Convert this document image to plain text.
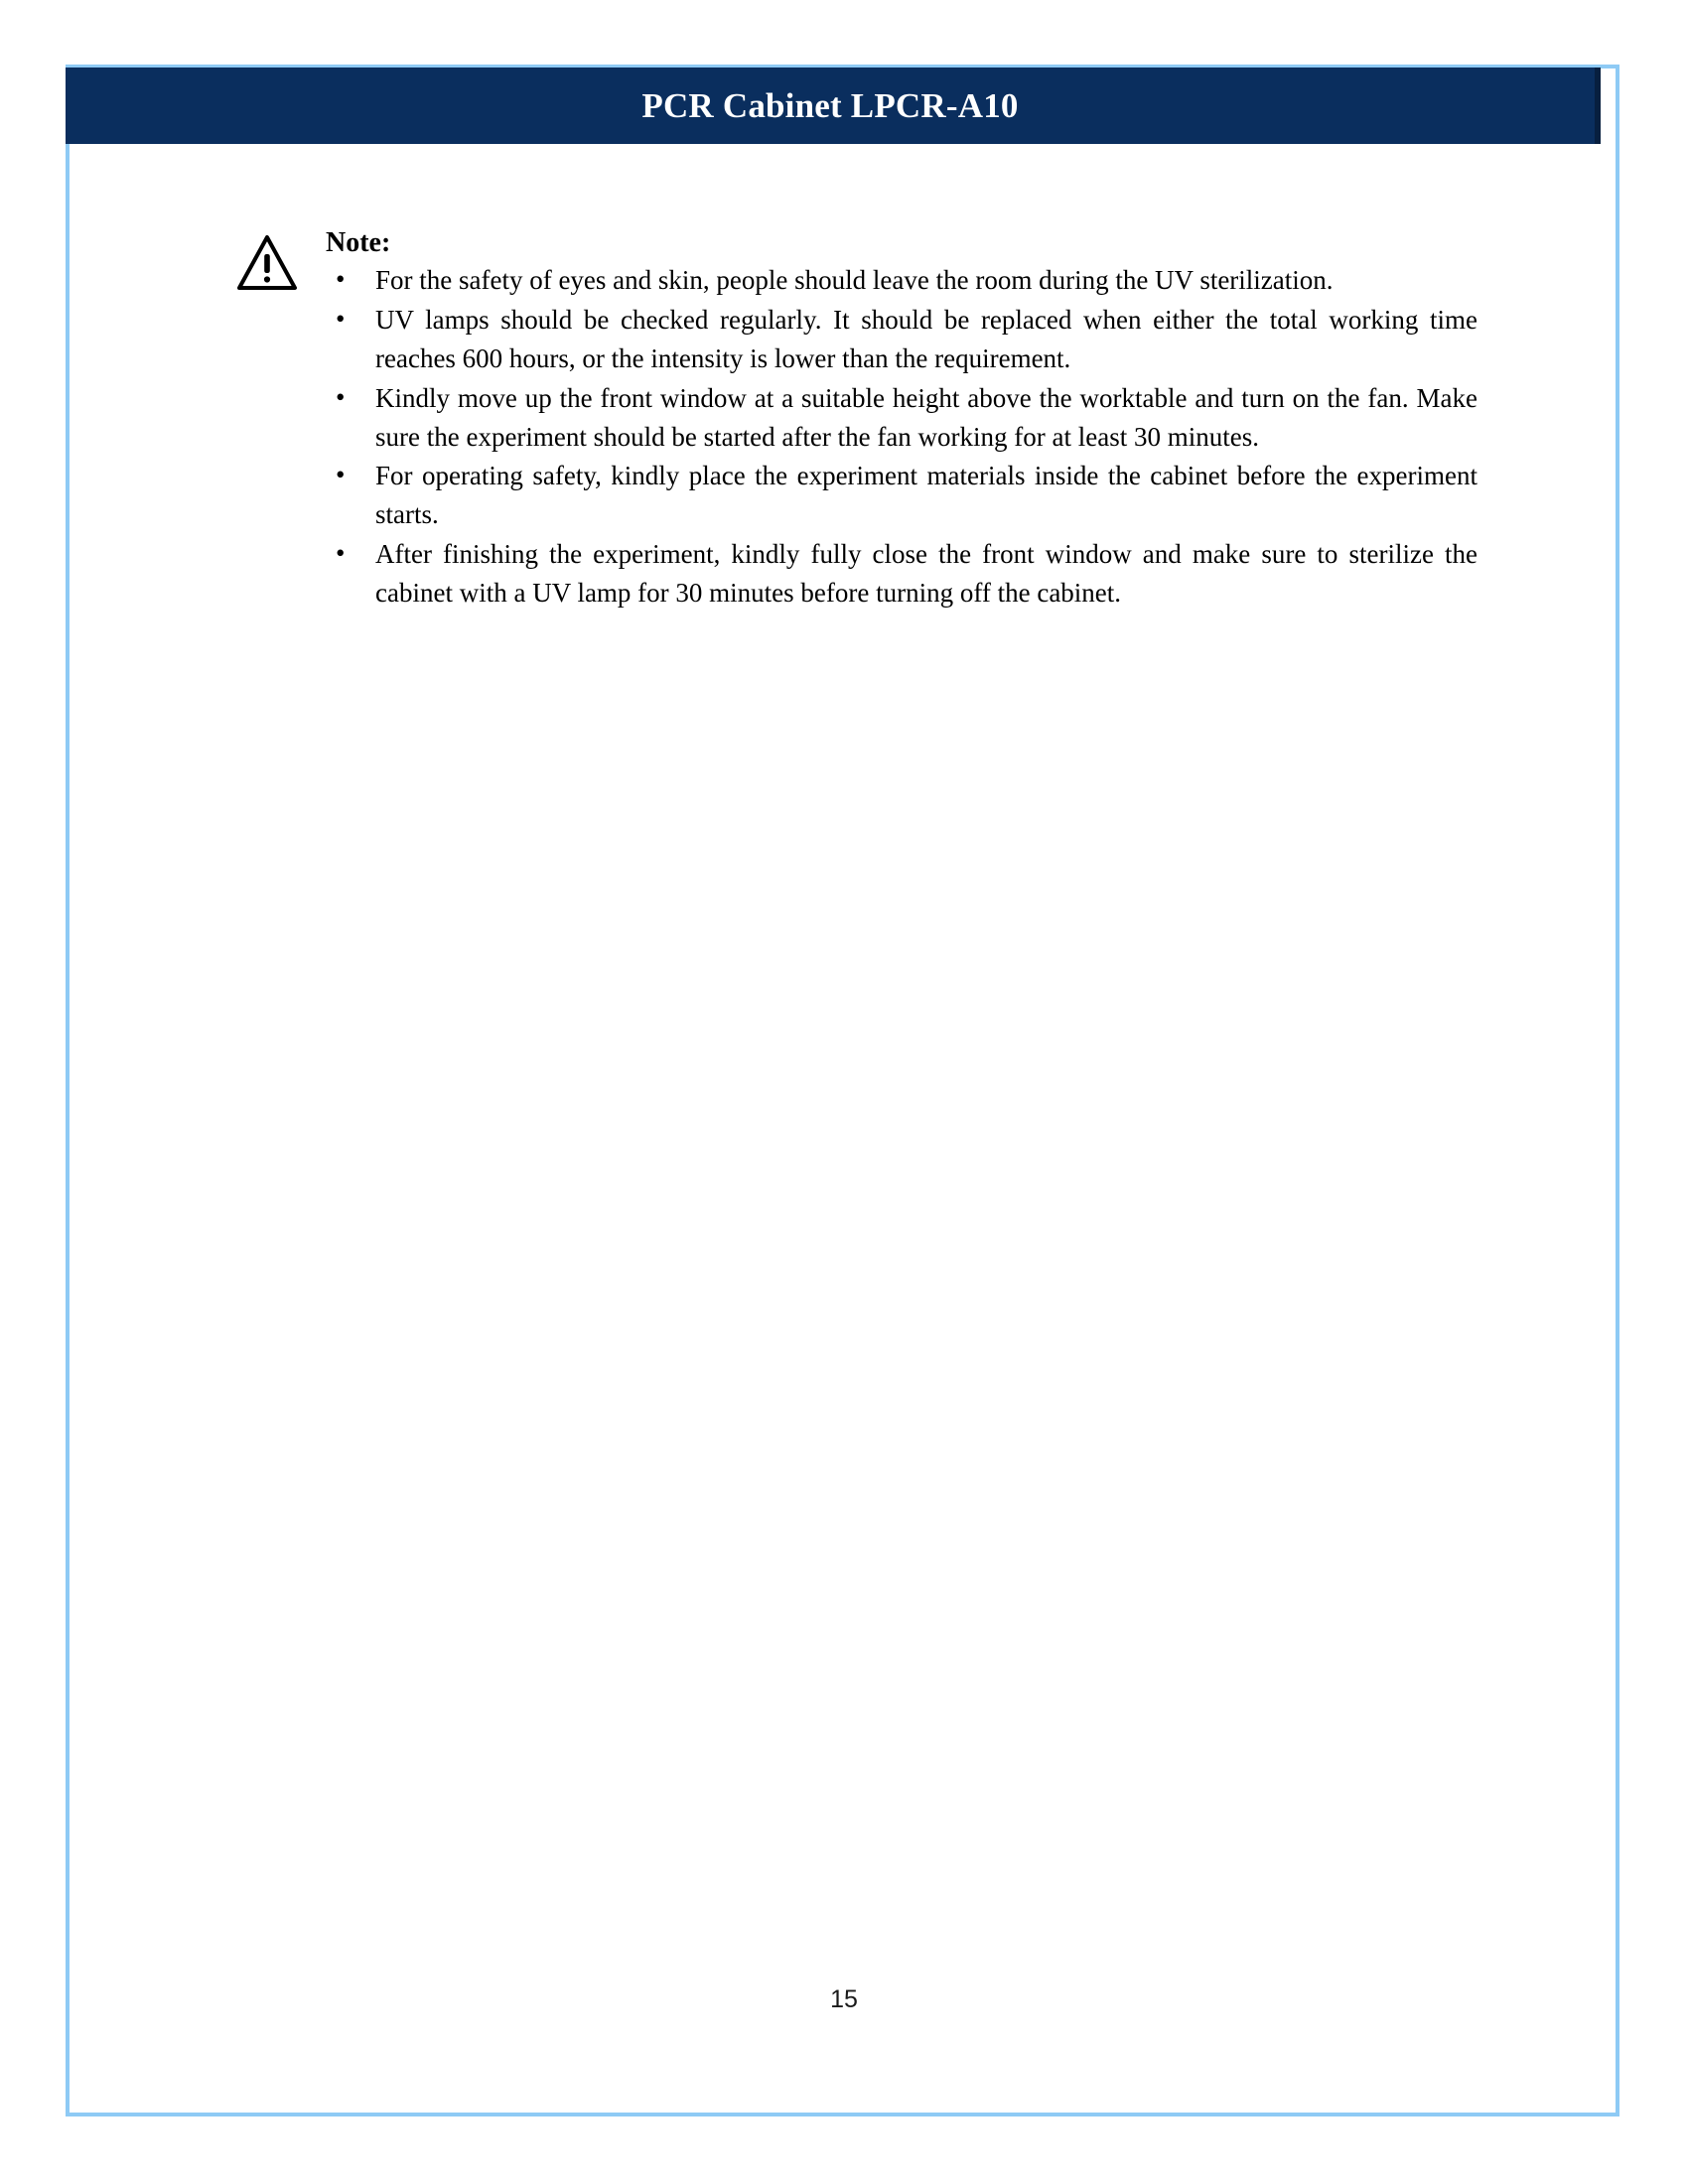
PCR Cabinet LPCR-A10
Note:
• For the safety of eyes and skin, people should leave the room during the UV sterilization.
• UV lamps should be checked regularly. It should be replaced when either the total working time reaches 600 hours, or the intensity is lower than the requirement.
• Kindly move up the front window at a suitable height above the worktable and turn on the fan. Make sure the experiment should be started after the fan working for at least 30 minutes.
• For operating safety, kindly place the experiment materials inside the cabinet before the experiment starts.
• After finishing the experiment, kindly fully close the front window and make sure to sterilize the cabinet with a UV lamp for 30 minutes before turning off the cabinet.
15
